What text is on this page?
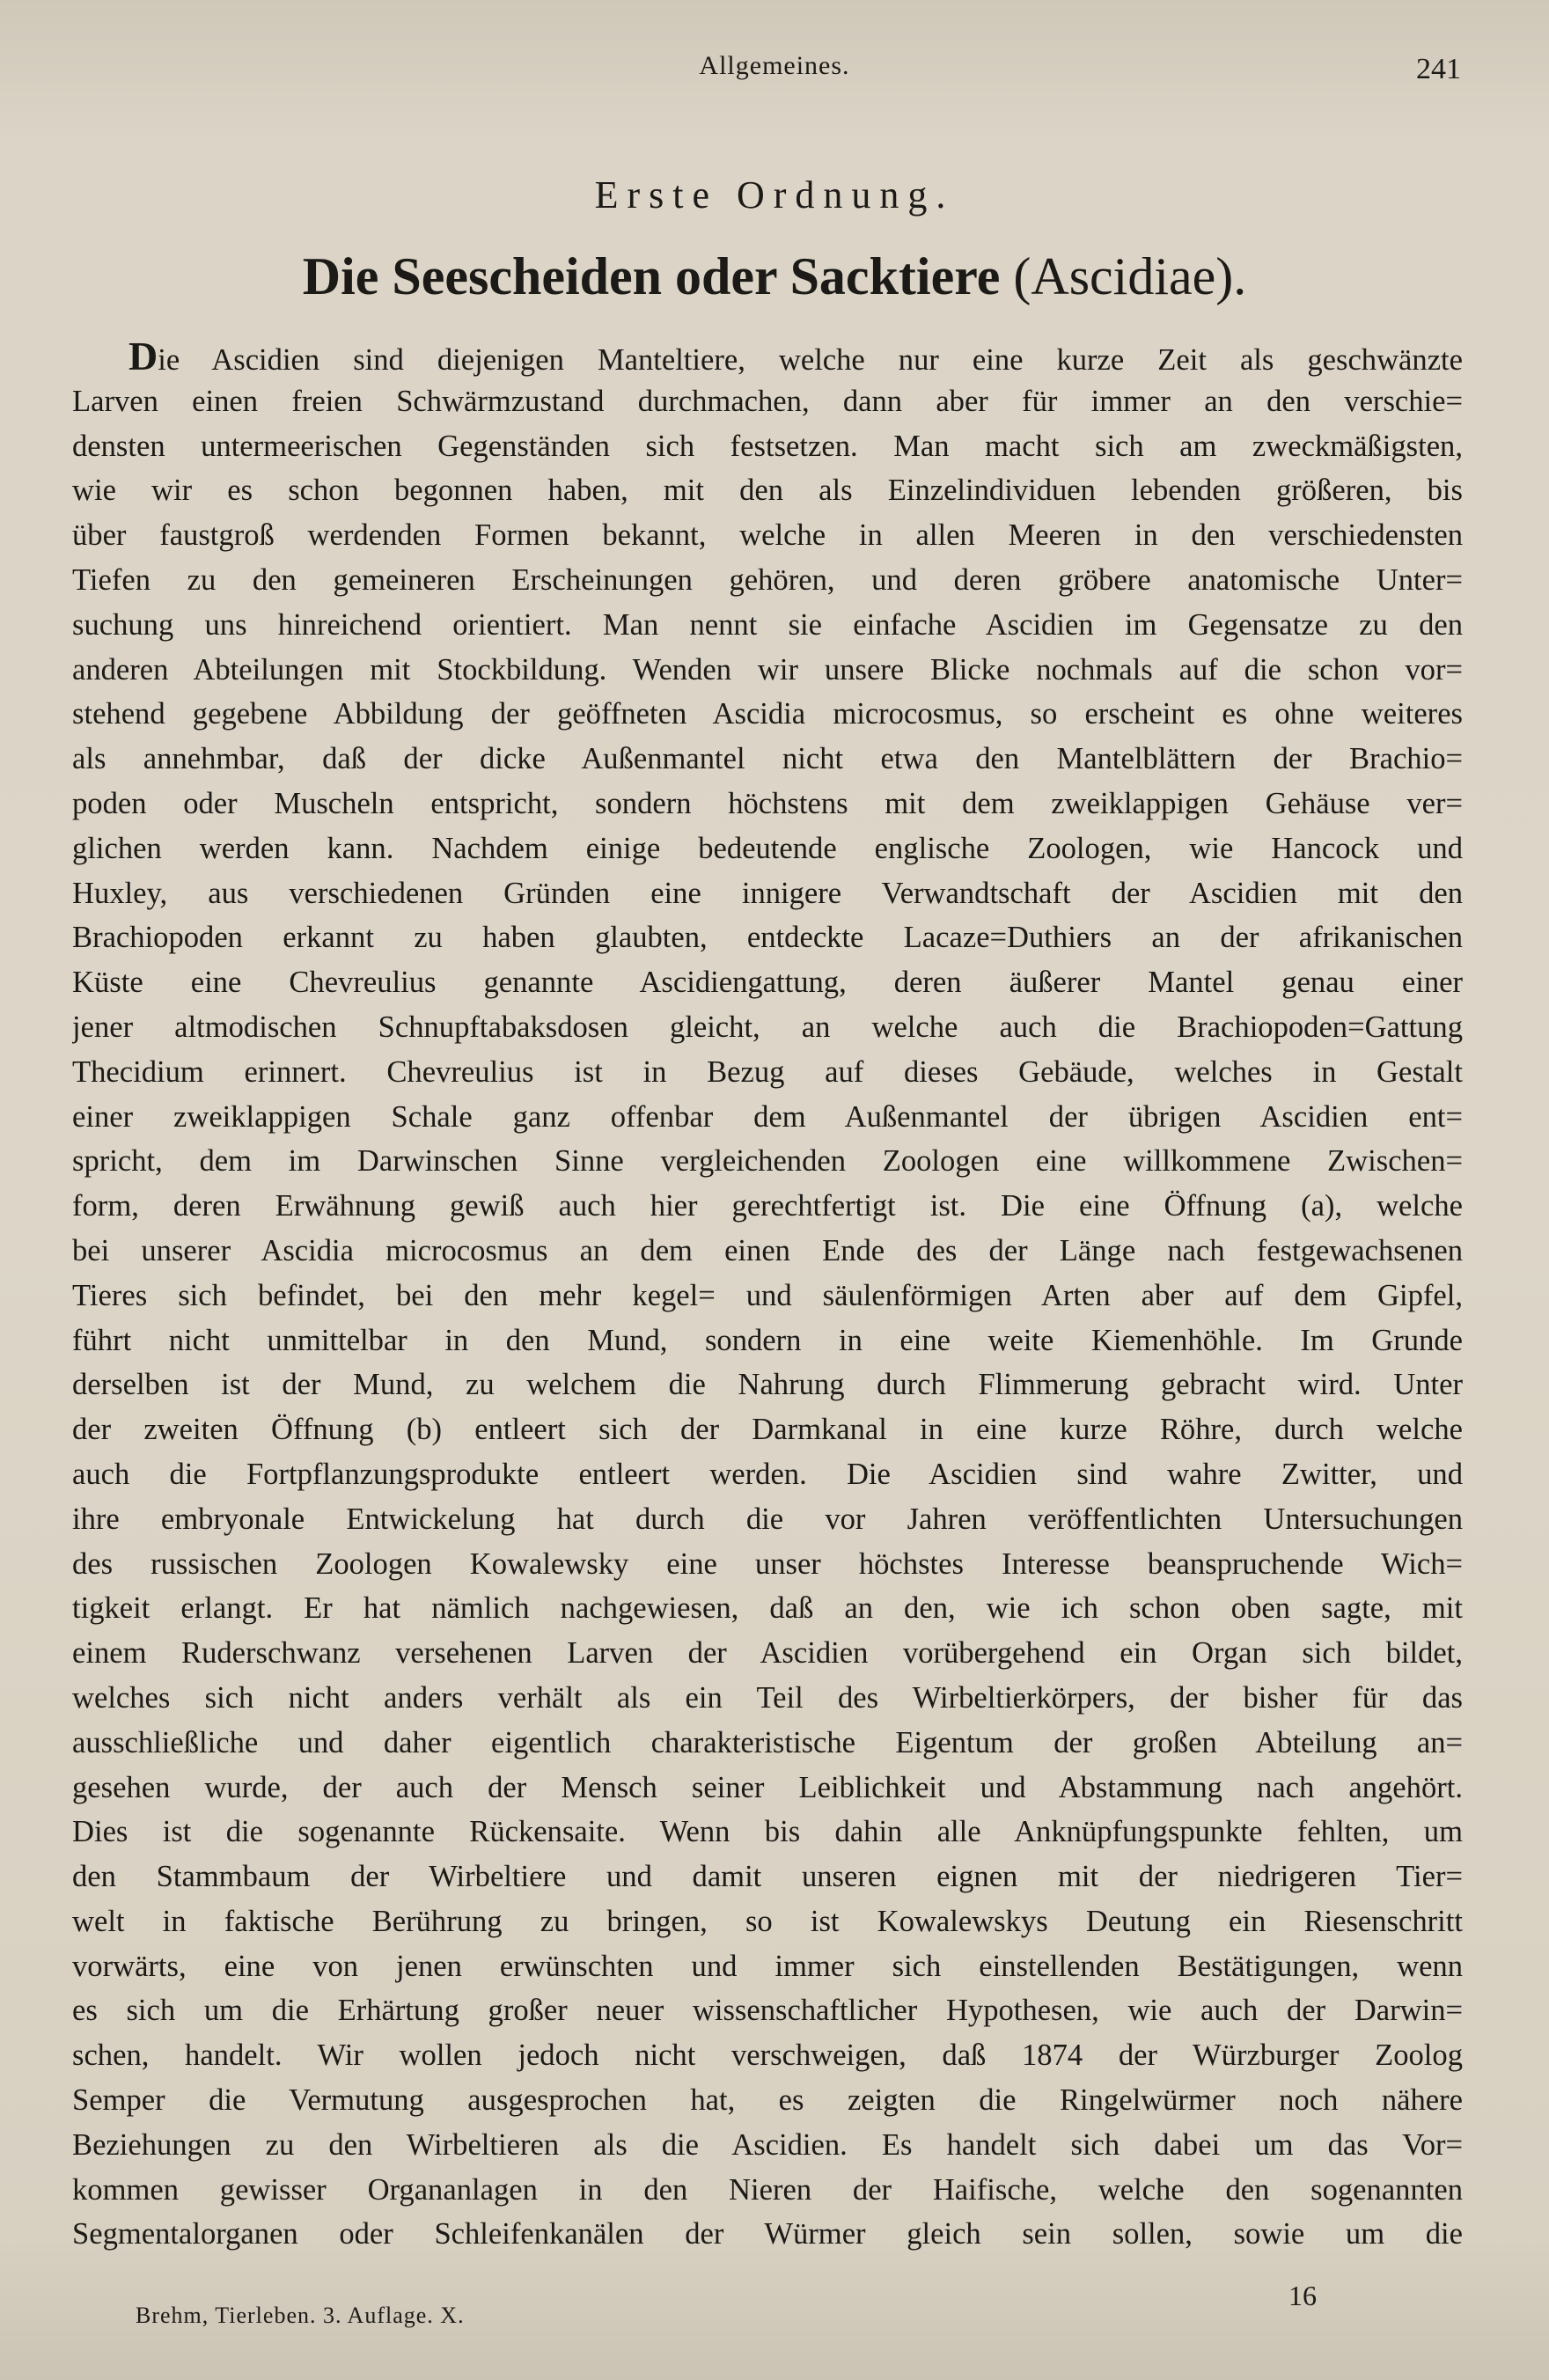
Allgemeines.	241
Erste Ordnung.
Die Seescheiden oder Sacktiere (Ascidiae).
Die Ascidien sind diejenigen Manteltiere, welche nur eine kurze Zeit als geschwänzte
Larven einen freien Schwärmzustand durchmachen, dann aber für immer an den verschie=
densten untermeerischen Gegenständen sich festsetzen. Man macht sich am zweckmäßigsten,
wie wir es schon begonnen haben, mit den als Einzelindividuen lebenden größeren, bis
über faustgroß werdenden Formen bekannt, welche in allen Meeren in den verschiedensten
Tiefen zu den gemeineren Erscheinungen gehören, und deren gröbere anatomische Unter=
suchung uns hinreichend orientiert. Man nennt sie einfache Ascidien im Gegensatze zu den
anderen Abteilungen mit Stockbildung. Wenden wir unsere Blicke nochmals auf die schon vor=
stehend gegebene Abbildung der geöffneten Ascidia microcosmus, so erscheint es ohne weiteres
als annehmbar, daß der dicke Außenmantel nicht etwa den Mantelblättern der Brachio=
poden oder Muscheln entspricht, sondern höchstens mit dem zweiklappigen Gehäuse ver=
glichen werden kann. Nachdem einige bedeutende englische Zoologen, wie Hancock und
Huxley, aus verschiedenen Gründen eine innigere Verwandtschaft der Ascidien mit den
Brachiopoden erkannt zu haben glaubten, entdeckte Lacaze=Duthiers an der afrikanischen
Küste eine Chevreulius genannte Ascidiengattung, deren äußerer Mantel genau einer
jener altmodischen Schnupftabaksdosen gleicht, an welche auch die Brachiopoden=Gattung
Thecidium erinnert. Chevreulius ist in Bezug auf dieses Gebäude, welches in Gestalt
einer zweiklappigen Schale ganz offenbar dem Außenmantel der übrigen Ascidien ent=
spricht, dem im Darwinschen Sinne vergleichenden Zoologen eine willkommene Zwischen=
form, deren Erwähnung gewiß auch hier gerechtfertigt ist. Die eine Öffnung (a), welche
bei unserer Ascidia microcosmus an dem einen Ende des der Länge nach festgewachsenen
Tieres sich befindet, bei den mehr kegel= und säulenförmigen Arten aber auf dem Gipfel,
führt nicht unmittelbar in den Mund, sondern in eine weite Kiemenhöhle. Im Grunde
derselben ist der Mund, zu welchem die Nahrung durch Flimmerung gebracht wird. Unter
der zweiten Öffnung (b) entleert sich der Darmkanal in eine kurze Röhre, durch welche
auch die Fortpflanzungsprodukte entleert werden. Die Ascidien sind wahre Zwitter, und
ihre embryonale Entwickelung hat durch die vor Jahren veröffentlichten Untersuchungen
des russischen Zoologen Kowalewsky eine unser höchstes Interesse beanspruchende Wich=
tigkeit erlangt. Er hat nämlich nachgewiesen, daß an den, wie ich schon oben sagte, mit
einem Ruderschwanz versehenen Larven der Ascidien vorübergehend ein Organ sich bildet,
welches sich nicht anders verhält als ein Teil des Wirbeltierkörpers, der bisher für das
ausschließliche und daher eigentlich charakteristische Eigentum der großen Abteilung an=
gesehen wurde, der auch der Mensch seiner Leiblichkeit und Abstammung nach angehört.
Dies ist die sogenannte Rückensaite. Wenn bis dahin alle Anknüpfungspunkte fehlten, um
den Stammbaum der Wirbeltiere und damit unseren eignen mit der niedrigeren Tier=
welt in faktische Berührung zu bringen, so ist Kowalewskys Deutung ein Riesenschritt
vorwärts, eine von jenen erwünschten und immer sich einstellenden Bestätigungen, wenn
es sich um die Erhärtung großer neuer wissenschaftlicher Hypothesen, wie auch der Darwin=
schen, handelt. Wir wollen jedoch nicht verschweigen, daß 1874 der Würzburger Zoolog
Semper die Vermutung ausgesprochen hat, es zeigten die Ringelwürmer noch nähere
Beziehungen zu den Wirbeltieren als die Ascidien. Es handelt sich dabei um das Vor=
kommen gewisser Organanlagen in den Nieren der Haifische, welche den sogenannten
Segmentalorganen oder Schleifenkanälen der Würmer gleich sein sollen, sowie um die
Brehm, Tierleben. 3. Auflage. X.
16
